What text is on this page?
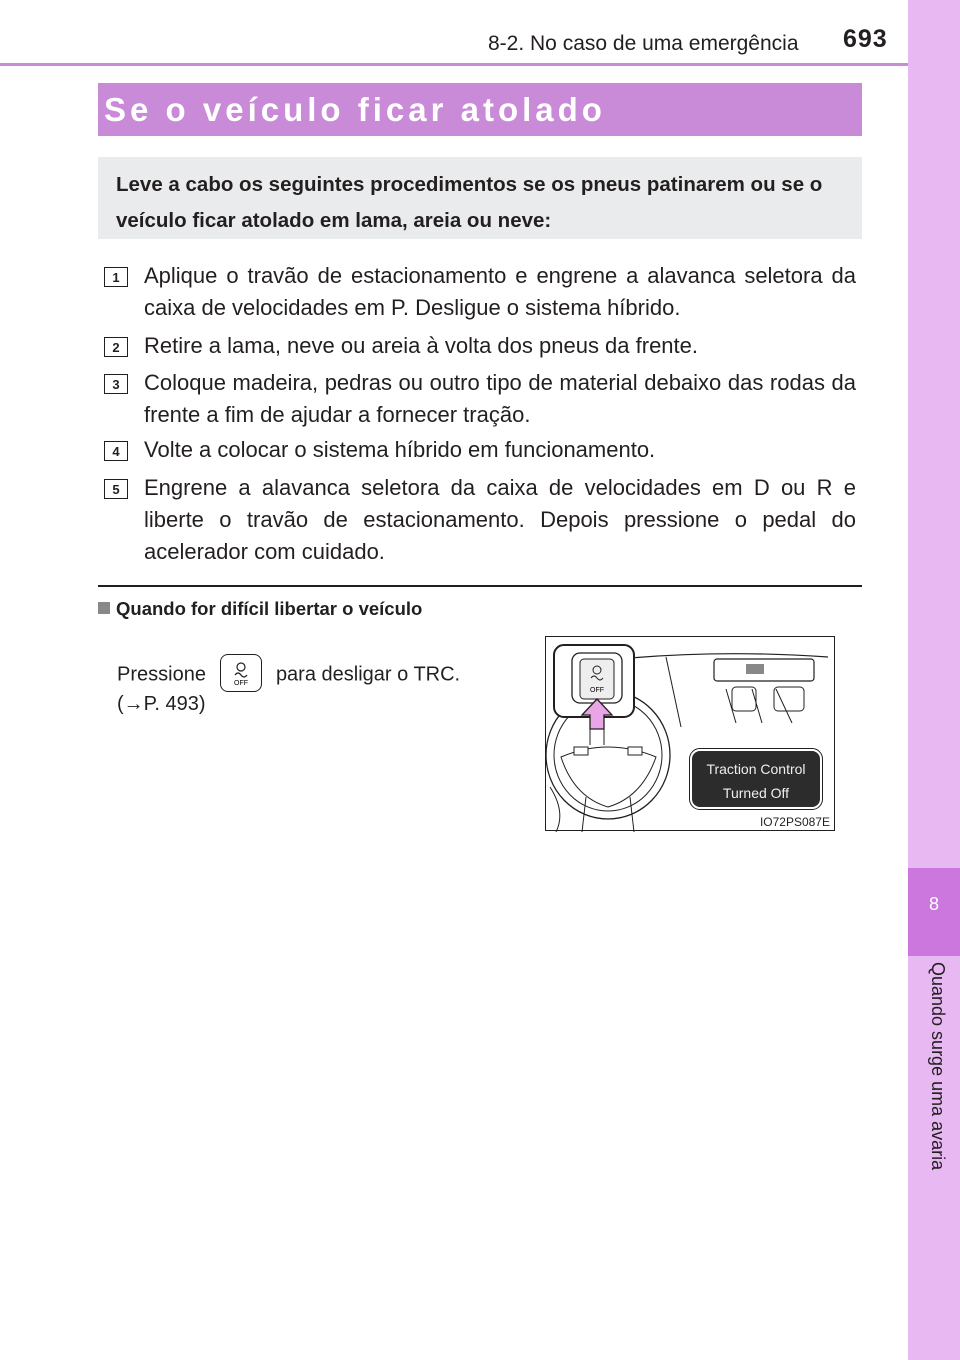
8-2. No caso de uma emergência 693
8
Quando surge uma avaria
Se o veículo ficar atolado
Leve a cabo os seguintes procedimentos se os pneus patinarem ou se o veículo ficar atolado em lama, areia ou neve:
1	Aplique o travão de estacionamento e engrene a alavanca seletora da caixa de velocidades em P. Desligue o sistema híbrido.
2	Retire a lama, neve ou areia à volta dos pneus da frente.
3	Coloque madeira, pedras ou outro tipo de material debaixo das rodas da frente a fim de ajudar a fornecer tração.
4	Volte a colocar o sistema híbrido em funcionamento.
5	Engrene a alavanca seletora da caixa de velocidades em D ou R e liberte o travão de estacionamento. Depois pressione o pedal do acelerador com cuidado.
Quando for difícil libertar o veículo
Pressione	OFF para desligar o TRC.
(→P. 493)
OFF
Traction Control
Turned Off
IO72PS087E
